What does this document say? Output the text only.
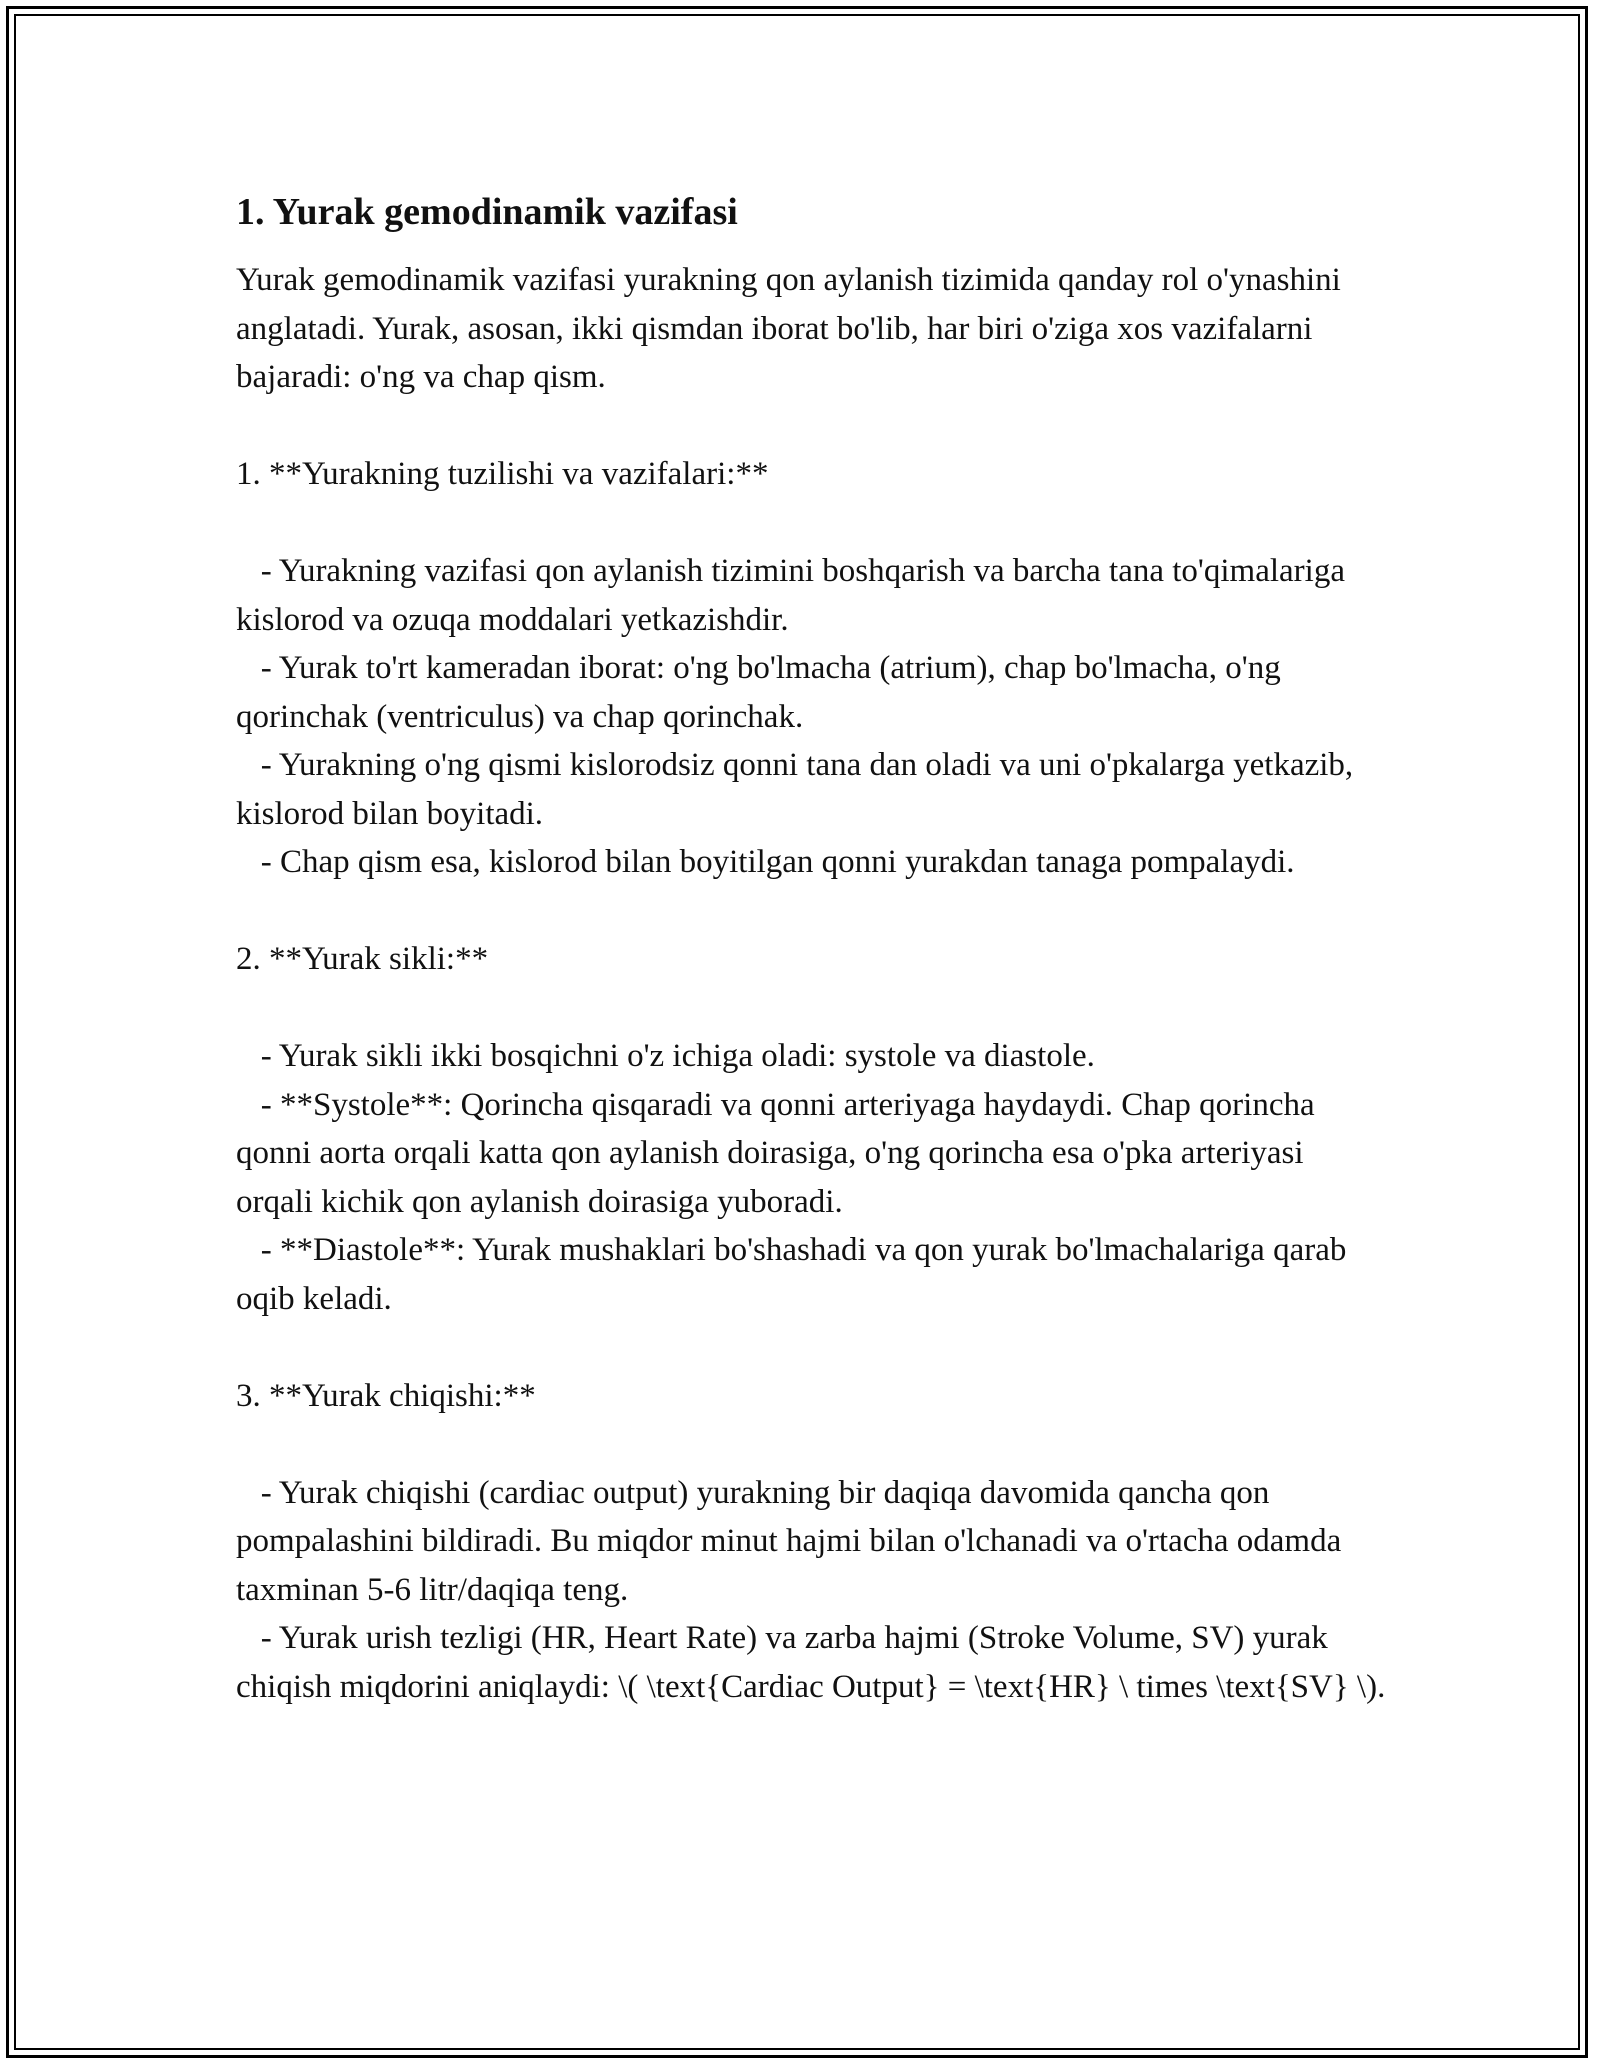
1. Yurak gemodinamik vazifasi

Yurak gemodinamik vazifasi yurakning qon aylanish tizimida qanday rol o'ynashini anglatadi. Yurak, asosan, ikki qismdan iborat bo'lib, har biri o'ziga xos vazifalarni bajaradi: o'ng va chap qism.

1. **Yurakning tuzilishi va vazifalari:**

- Yurakning vazifasi qon aylanish tizimini boshqarish va barcha tana to'qimalariga kislorod va ozuqa moddalari yetkazishdir.

- Yurak to'rt kameradan iborat: o'ng bo'lmacha (atrium), chap bo'lmacha, o'ng qorinchak (ventriculus) va chap qorinchak.

- Yurakning o'ng qismi kislorodsiz qonni tana dan oladi va uni o'pkalarga yetkazib, kislorod bilan boyitadi.

- Chap qism esa, kislorod bilan boyitilgan qonni yurakdan tanaga pompalaydi.

2. **Yurak sikli:**

- Yurak sikli ikki bosqichni o'z ichiga oladi: systole va diastole.

- **Systole**: Qorincha qisqaradi va qonni arteriyaga haydaydi. Chap qorincha qonni aorta orqali katta qon aylanish doirasiga, o'ng qorincha esa o'pka arteriyasi orqali kichik qon aylanish doirasiga yuboradi.

- **Diastole**: Yurak mushaklari bo'shashadi va qon yurak bo'lmachalariga qarab oqib keladi.

3. **Yurak chiqishi:**

- Yurak chiqishi (cardiac output) yurakning bir daqiqa davomida qancha qon pompalashini bildiradi. Bu miqdor minut hajmi bilan o'lchanadi va o'rtacha odamda taxminan 5-6 litr/daqiqa teng.

- Yurak urish tezligi (HR, Heart Rate) va zarba hajmi (Stroke Volume, SV) yurak chiqish miqdorini aniqlaydi: \( \text{Cardiac Output} = \text{HR} \ times \text{SV} \).
